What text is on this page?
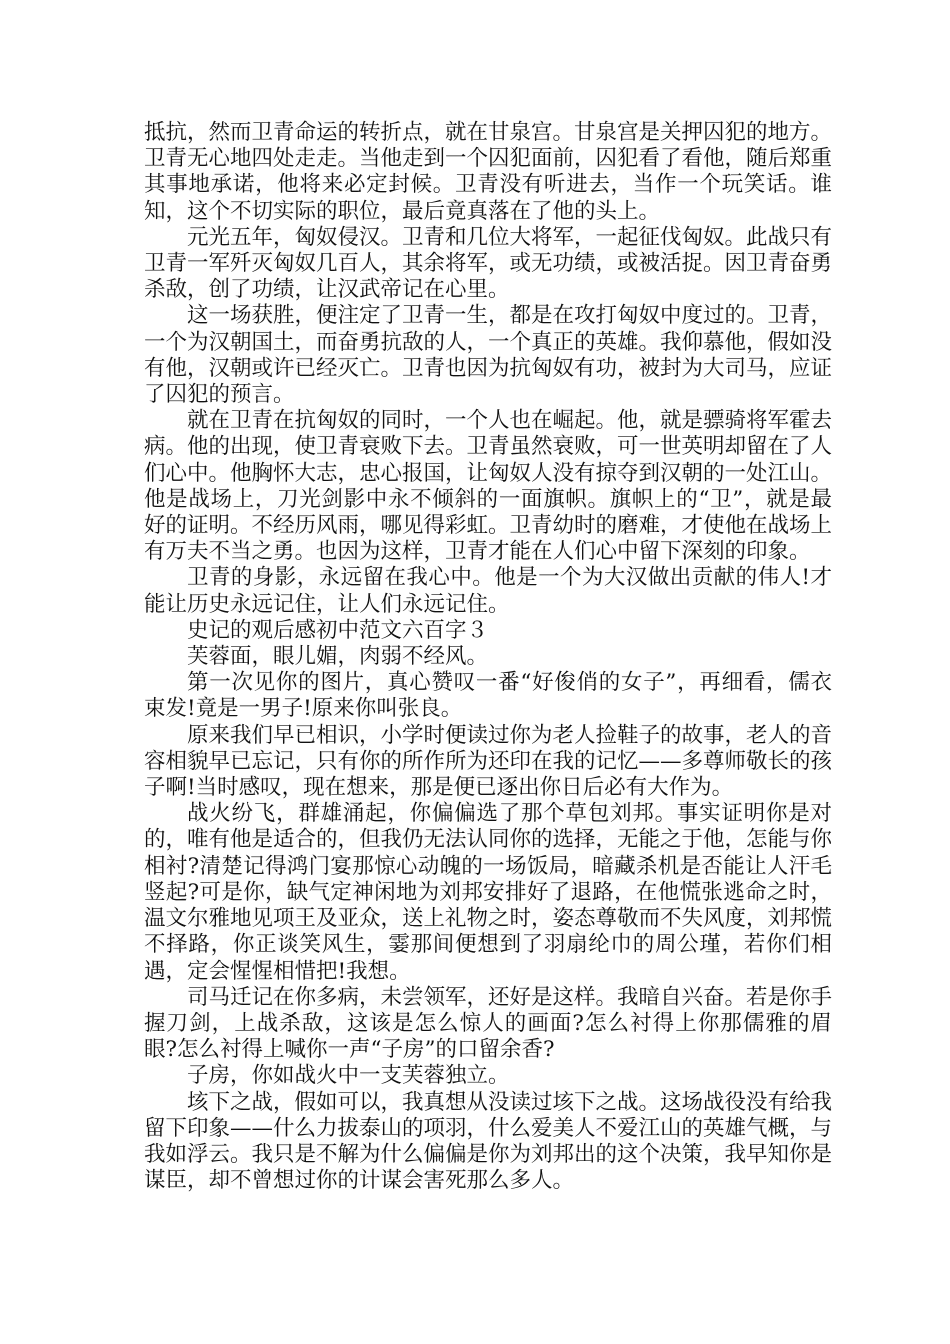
抵抗，然而卫青命运的转折点，就在甘泉宫。甘泉宫是关押囚犯的地方。卫青无心地四处走走。当他走到一个囚犯面前，囚犯看了看他，随后郑重其事地承诺，他将来必定封候。卫青没有听进去，当作一个玩笑话。谁知，这个不切实际的职位，最后竟真落在了他的头上。

元光五年，匈奴侵汉。卫青和几位大将军，一起征伐匈奴。此战只有卫青一军歼灭匈奴几百人，其余将军，或无功绩，或被活捉。因卫青奋勇杀敌，创了功绩，让汉武帝记在心里。

这一场获胜，便注定了卫青一生，都是在攻打匈奴中度过的。卫青，一个为汉朝国土，而奋勇抗敌的人，一个真正的英雄。我仰慕他，假如没有他，汉朝或许已经灭亡。卫青也因为抗匈奴有功，被封为大司马，应证了囚犯的预言。

就在卫青在抗匈奴的同时，一个人也在崛起。他，就是骠骑将军霍去病。他的出现，使卫青衰败下去。卫青虽然衰败，可一世英明却留在了人们心中。他胸怀大志，忠心报国，让匈奴人没有掠夺到汉朝的一处江山。他是战场上，刀光剑影中永不倾斜的一面旗帜。旗帜上的“卫”，就是最好的证明。不经历风雨，哪见得彩虹。卫青幼时的磨难，才使他在战场上有万夫不当之勇。也因为这样，卫青才能在人们心中留下深刻的印象。

卫青的身影，永远留在我心中。他是一个为大汉做出贡献的伟人!才能让历史永远记住，让人们永远记住。

史记的观后感初中范文六百字３

芙蓉面，眼儿媚，肉弱不经风。

第一次见你的图片，真心赞叹一番“好俊俏的女子”，再细看，儒衣束发!竟是一男子!原来你叫张良。

原来我们早已相识，小学时便读过你为老人捡鞋子的故事，老人的音容相貌早已忘记，只有你的所作所为还印在我的记忆——多尊师敬长的孩子啊!当时感叹，现在想来，那是便已逐出你日后必有大作为。

战火纷飞，群雄涌起，你偏偏选了那个草包刘邦。事实证明你是对的，唯有他是适合的，但我仍无法认同你的选择，无能之于他，怎能与你相衬?清楚记得鸿门宴那惊心动魄的一场饭局，暗藏杀机是否能让人汗毛竖起?可是你，缺气定神闲地为刘邦安排好了退路，在他慌张逃命之时，温文尔雅地见项王及亚众，送上礼物之时，姿态尊敬而不失风度，刘邦慌不择路，你正谈笑风生，霎那间便想到了羽扇纶巾的周公瑾，若你们相遇，定会惺惺相惜把!我想。

司马迁记在你多病，未尝领军，还好是这样。我暗自兴奋。若是你手握刀剑，上战杀敌，这该是怎么惊人的画面?怎么衬得上你那儒雅的眉眼?怎么衬得上喊你一声“子房”的口留余香?

子房，你如战火中一支芙蓉独立。

垓下之战，假如可以，我真想从没读过垓下之战。这场战役没有给我留下印象——什么力拔泰山的项羽，什么爱美人不爱江山的英雄气概，与我如浮云。我只是不解为什么偏偏是你为刘邦出的这个决策，我早知你是谋臣，却不曾想过你的计谋会害死那么多人。
